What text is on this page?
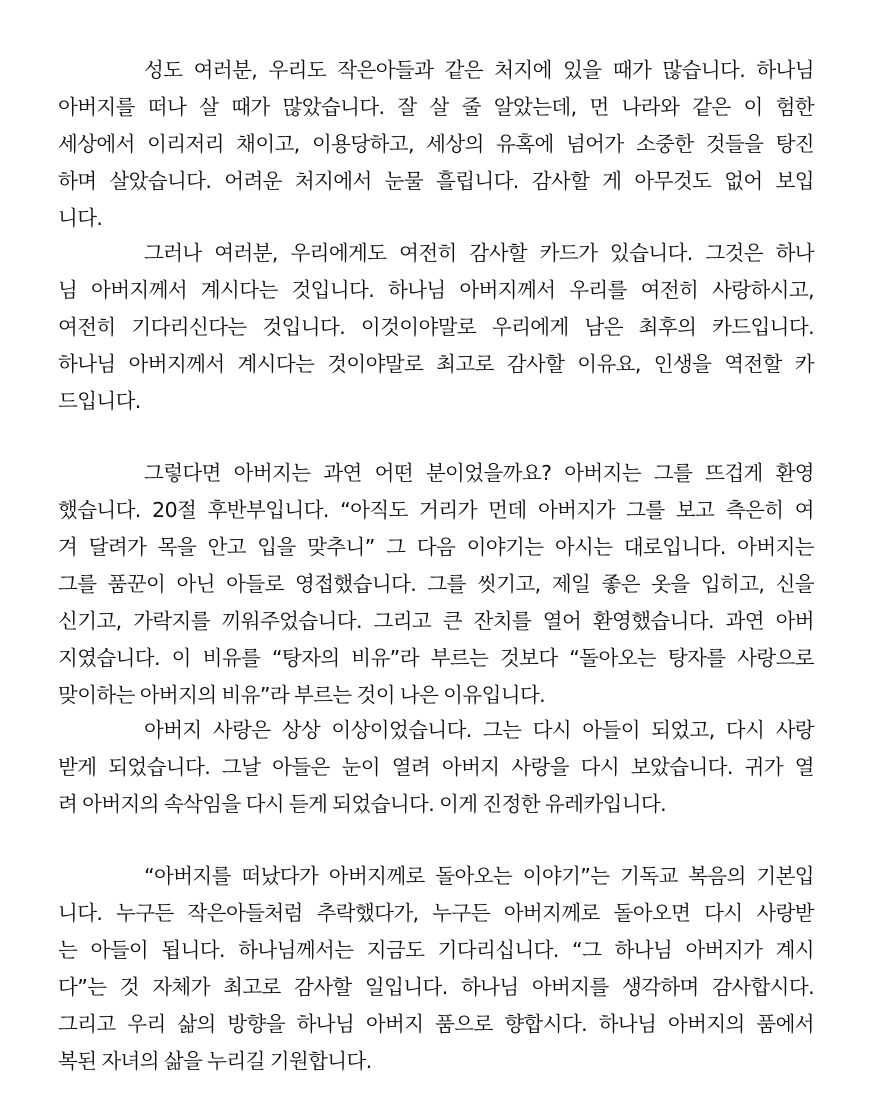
성도 여러분, 우리도 작은아들과 같은 처지에 있을 때가 많습니다. 하나님
아버지를 떠나 살 때가 많았습니다. 잘 살 줄 알았는데, 먼 나라와 같은 이 험한
세상에서 이리저리 채이고, 이용당하고, 세상의 유혹에 넘어가 소중한 것들을 탕진
하며 살았습니다. 어려운 처지에서 눈물 흘립니다. 감사할 게 아무것도 없어 보입
니다.
그러나 여러분, 우리에게도 여전히 감사할 카드가 있습니다. 그것은 하나
님 아버지께서 계시다는 것입니다. 하나님 아버지께서 우리를 여전히 사랑하시고,
여전히 기다리신다는 것입니다. 이것이야말로 우리에게 남은 최후의 카드입니다.
하나님 아버지께서 계시다는 것이야말로 최고로 감사할 이유요, 인생을 역전할 카
드입니다.
그렇다면 아버지는 과연 어떤 분이었을까요? 아버지는 그를 뜨겁게 환영
했습니다. 20절 후반부입니다. “아직도 거리가 먼데 아버지가 그를 보고 측은히 여
겨 달려가 목을 안고 입을 맞추니” 그 다음 이야기는 아시는 대로입니다. 아버지는
그를 품꾼이 아닌 아들로 영접했습니다. 그를 씻기고, 제일 좋은 옷을 입히고, 신을
신기고, 가락지를 끼워주었습니다. 그리고 큰 잔치를 열어 환영했습니다. 과연 아버
지였습니다. 이 비유를 “탕자의 비유”라 부르는 것보다 “돌아오는 탕자를 사랑으로
맞이하는 아버지의 비유”라 부르는 것이 나은 이유입니다.
아버지 사랑은 상상 이상이었습니다. 그는 다시 아들이 되었고, 다시 사랑
받게 되었습니다. 그날 아들은 눈이 열려 아버지 사랑을 다시 보았습니다. 귀가 열
려 아버지의 속삭임을 다시 듣게 되었습니다. 이게 진정한 유레카입니다.
“아버지를 떠났다가 아버지께로 돌아오는 이야기”는 기독교 복음의 기본입
니다. 누구든 작은아들처럼 추락했다가, 누구든 아버지께로 돌아오면 다시 사랑받
는 아들이 됩니다. 하나님께서는 지금도 기다리십니다. “그 하나님 아버지가 계시
다”는 것 자체가 최고로 감사할 일입니다. 하나님 아버지를 생각하며 감사합시다.
그리고 우리 삶의 방향을 하나님 아버지 품으로 향합시다. 하나님 아버지의 품에서
복된 자녀의 삶을 누리길 기원합니다.
